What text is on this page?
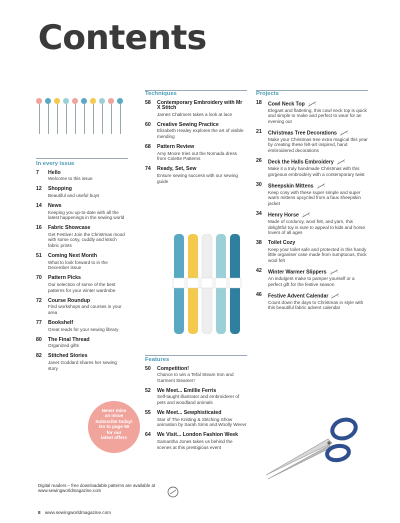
Contents
In every issue
7	Hello
Welcome to this issue
12	Shopping
Beautiful and useful buys
14	News
Keeping you up-to-date with all the latest happenings in the sewing world
16	Fabric Showcase
Get Festive! Join the Christmas mood with some cosy, cuddly and kitsch fabric prints
51	Coming Next Month
What to look forward to in the December issue
70	Pattern Picks
Our selection of some of the best patterns for your winter wardrobe
72	Course Roundup
Find workshops and courses in your area
77	Bookshelf
Great reads for your sewing library
80	The Final Thread
Organized gifts
82	Stitched Stories
Janet Goddard shares her sewing story
Techniques
58	Contemporary Embroidery with Mr X Stitch
James Chalmers takes a look at lace
60	Creative Sewing Practice
Elizabeth Healey explores the art of visible mending
68	Pattern Review
Amy Moore tries out the Nomada dress from Colette Patterns
74	Ready, Set, Sew
Ensure sewing success with our sewing guide
Features
50	Competition!
Chance to win a Tefal Steam Iron and Garment Steamer!
52	We Meet... Emillie Ferris
Self-taught illustrator and embroiderer of pets and woodland animals
55	We Meet... Sewphisticated
Star of The Knitting & Stitching Show animation by Sarah Sims and Woolly Weevr
64	We Visit... London Fashion Week
Samantha Jones takes us behind the scenes at this prestigious event
Projects
18	Cowl Neck Top
Elegant and flattering, this cowl neck top is quick and simple to make and perfect to wear for an evening out
21	Christmas Tree Decorations
Make your Christmas tree extra magical this year by creating these felt-art inspired, hand embroidered decorations
26	Deck the Halls Embroidery
Make it a truly handmade Christmas with this gorgeous embroidery with a contemporary twist
30	Sheepskin Mittens
Keep cosy with these super simple and super warm mittens upcycled from a faux sheepskin jacket
34	Henry Horse
Made of corduroy, wool felt, and yarn, this delightful toy is sure to appeal to kids and horse lovers of all ages
38	Toilet Cozy
Keep your toilet safe and protected in this handy little organiser case made from sumptuous, thick wool felt
42	Winter Warmer Slippers
An indulgent make to pamper yourself or a perfect gift for the festive season
46	Festive Advent Calendar
Count down the days to Christmas in style with this beautiful fabric advent calendar
Never miss
an issue
Subscribe today!
Go to page 56
for our
latest offers
Digital readers – free downloadable patterns are available at www.sewingworldmagazine.com
8 www.sewingworldmagazine.com
